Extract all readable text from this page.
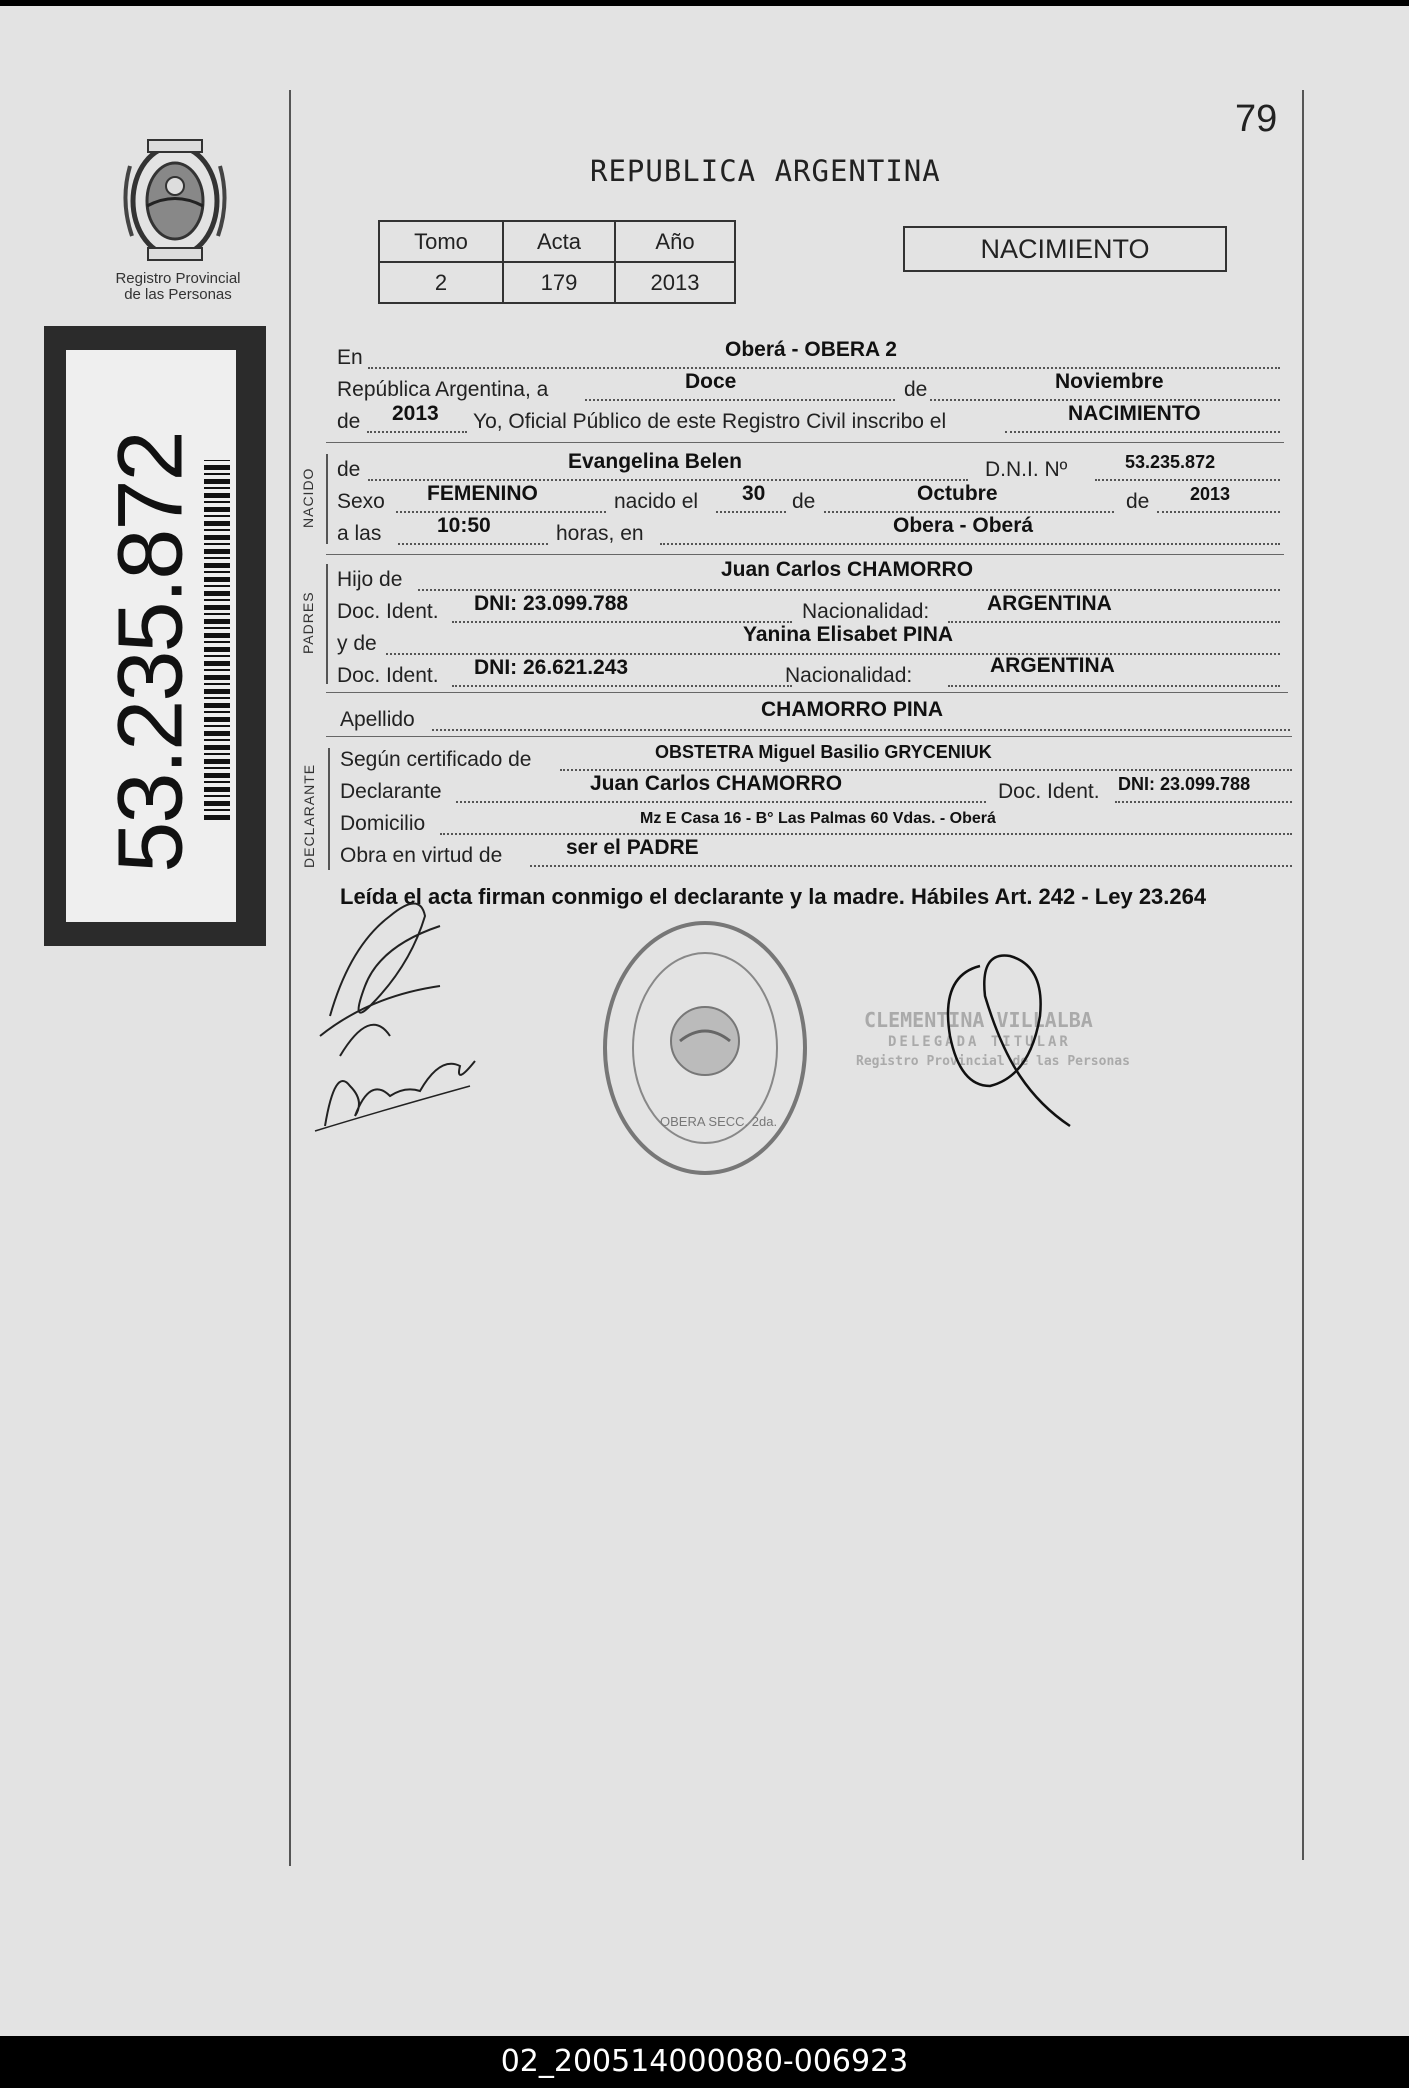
79
REPUBLICA ARGENTINA
Registro Provincial de las Personas
53.235.872
Tomo	Acta	Año
2	179	2013
NACIMIENTO
En	Oberá - OBERA 2
República Argentina, a	Doce	de	Noviembre
de 2013 Yo, Oficial Público de este Registro Civil inscribo el	NACIMIENTO
NACIDO de	Evangelina Belen	D.N.I. Nº	53.235.872
Sexo FEMENINO	nacido el 30 de	Octubre	de 2013
a las	10:50	horas, en	Obera - Oberá
PADRES
Hijo de	Juan Carlos CHAMORRO
Doc. Ident. DNI: 23.099.788	Nacionalidad:	ARGENTINA
y de	Yanina Elisabet PINA
Doc. Ident. DNI: 26.621.243	Nacionalidad:	ARGENTINA
Apellido	CHAMORRO PINA
DECLARANTE
Según certificado de	OBSTETRA Miguel Basilio GRYCENIUK
Declarante	Juan Carlos CHAMORRO	Doc. Ident. DNI: 23.099.788
Domicilio	Mz E Casa 16 - B° Las Palmas 60 Vdas. - Oberá
Obra en virtud de	ser el PADRE
Leída el acta firman conmigo el declarante y la madre. Hábiles Art. 242 - Ley 23.264
OBERA SECC. 2da.
CLEMENTINA VILLALBA
DELEGADA TITULAR
Registro Provincial de las Personas
02_200514000080-006923
